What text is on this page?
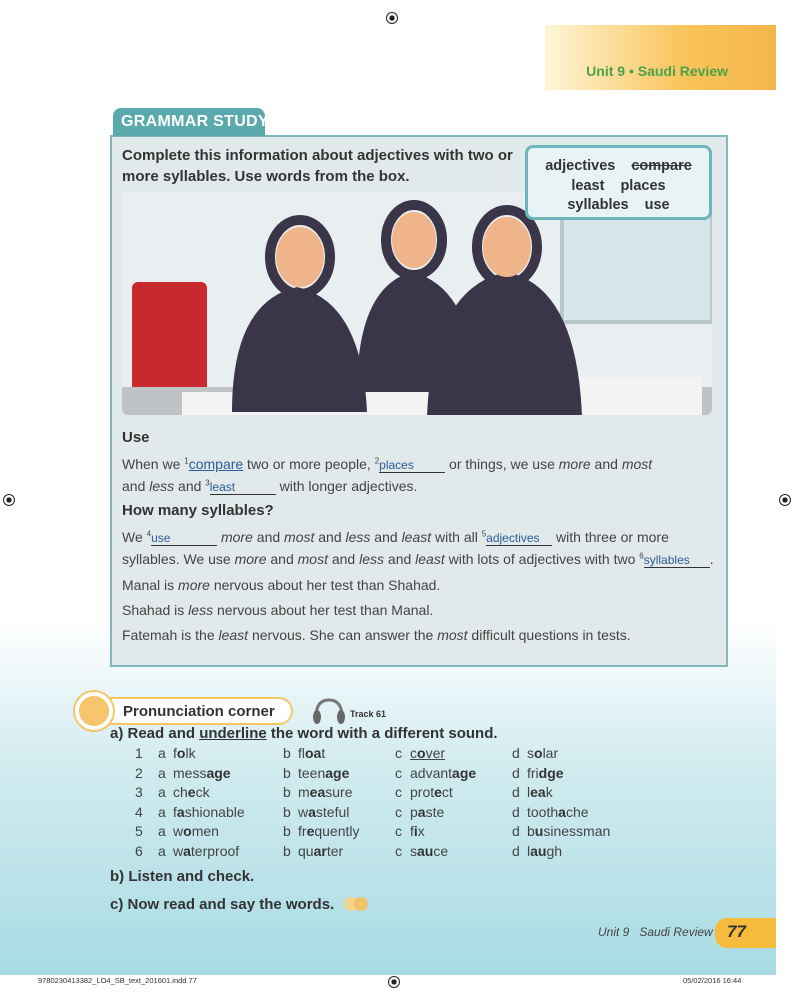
Unit 9 • Saudi Review
GRAMMAR STUDY
Complete this information about adjectives with two or more syllables. Use words from the box.
adjectives compare
least places
syllables use
Use
When we $^1$compare two or more people, $^2$places or things, we use more and most
and less and $^3$least	with longer adjectives.
How many syllables?
We $^4$use	more and most and less and least with all $^5$adjectives with three or more
syllables. We use more and most and less and least with lots of adjectives with two $^6$syllables .
Manal is more nervous about her test than Shahad.
Shahad is less nervous about her test than Manal.
Fatemah is the least nervous. She can answer the most difficult questions in tests.
Pronunciation corner	Track 61
a) Read and underline the word with a different sound.
1 a folk	b float	c cover	d solar
2 a message	b teenage	c advantage	d fridge
3 a check	b measure	c protect	d leak
4 a fashionable	b wasteful	c paste	d toothache
5 a women	b frequently	c fix	d businessman
6 a waterproof	b quarter	c sauce	d laugh
b) Listen and check.
c) Now read and say the words.
Unit 9   Saudi Review 77
9780230413382_LO4_SB_text_201601.indd 77	05/02/2016 16:44
